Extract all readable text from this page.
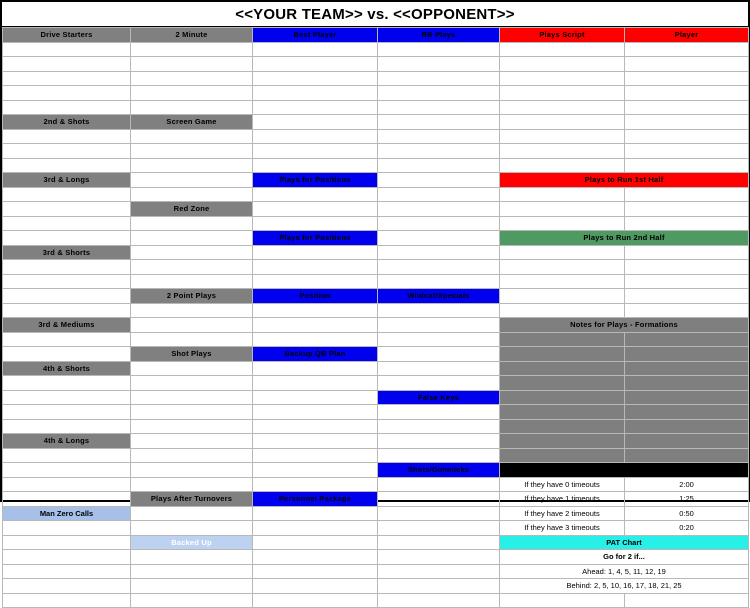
<<YOUR TEAM>> vs. <<OPPONENT>>
Drive Starters	2 Minute	Best Player	RB Plays	Plays Script	Player

2nd & Shots	Screen Game				

3rd & Longs		Plays for Positions		Plays to Run 1st Half	

	Red Zone				

		Plays for Positions		Plays to Run 2nd Half	
3rd & Shorts					

	2 Point Plays	Position	Wildcat/Specials		

3rd & Mediums				Notes for Plays - Formations	

	Shot Plays	Backup QB Plan			
4th & Shorts					

			False Keys		

4th & Longs					

			Shots/Gimmicks	Timeouts	
				If they have 0 timeouts	2:00
	Plays After Turnovers	Personnel Package		If they have 1 timeouts	1:25
Man Zero Calls				If they have 2 timeouts	0:50
				If they have 3 timeouts	0:20
	Backed Up			PAT Chart	
				Go for 2 if...	
				Ahead: 1, 4, 5, 11, 12, 19	
				Behind: 2, 5, 10, 16, 17, 18, 21, 25	
